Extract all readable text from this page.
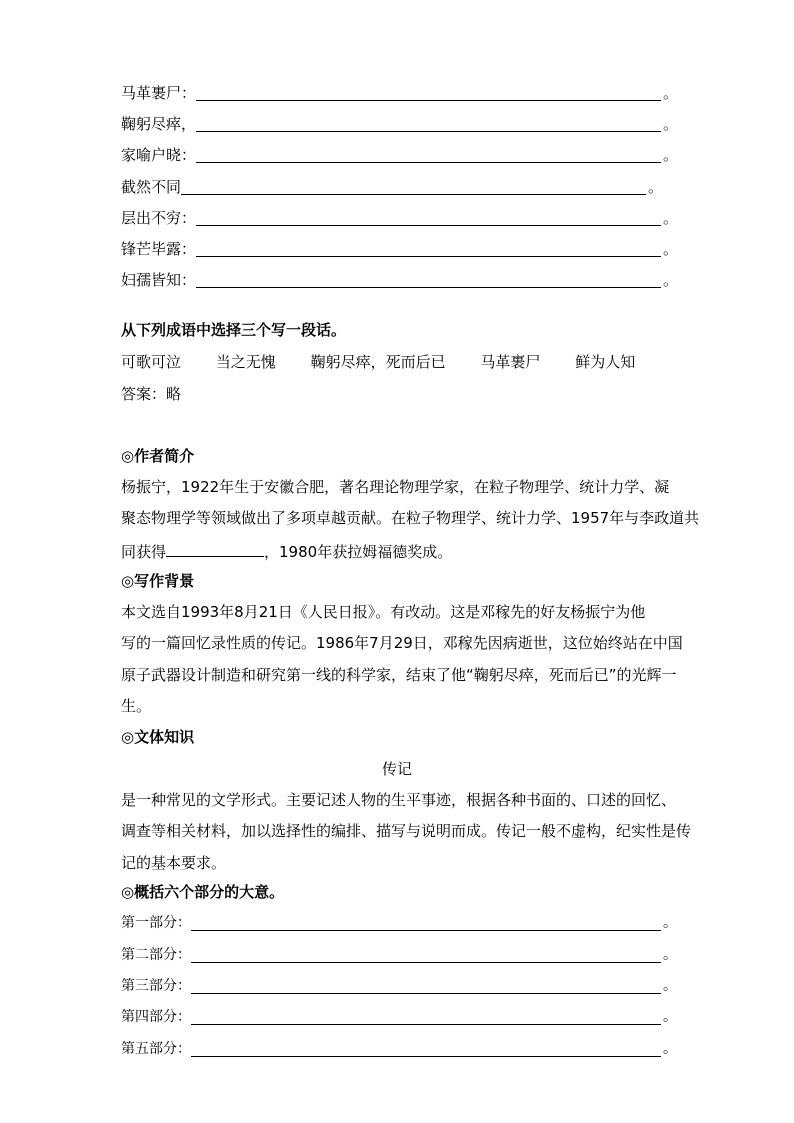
马革裹尸：	。
鞠躬尽瘁，	。
家喻户晓：	。
截然不同	。
层出不穷：	。
锋芒毕露：	。
妇孺皆知：	。
从下列成语中选择三个写一段话。
可歌可泣 当之无愧 鞠躬尽瘁，死而后已 马革裹尸 鲜为人知
答案：略
◎作者简介
杨振宁，1922年生于安徽合肥，著名理论物理学家，在粒子物理学、统计力学、凝
聚态物理学等领域做出了多项卓越贡献。在粒子物理学、统计力学、1957年与李政道共
同获得	，1980年获拉姆福德奖成。
◎写作背景
本文选自1993年8月21日《人民日报》。有改动。这是邓稼先的好友杨振宁为他
写的一篇回忆录性质的传记。1986年7月29日，邓稼先因病逝世，这位始终站在中国
原子武器设计制造和研究第一线的科学家，结束了他“鞠躬尽瘁，死而后已”的光辉一
生。
◎文体知识
传记
是一种常见的文学形式。主要记述人物的生平事迹，根据各种书面的、口述的回忆、
调查等相关材料，加以选择性的编排、描写与说明而成。传记一般不虚构，纪实性是传
记的基本要求。
◎概括六个部分的大意。
第一部分：	。
第二部分：	。
第三部分：	。
第四部分：	。
第五部分：	。
